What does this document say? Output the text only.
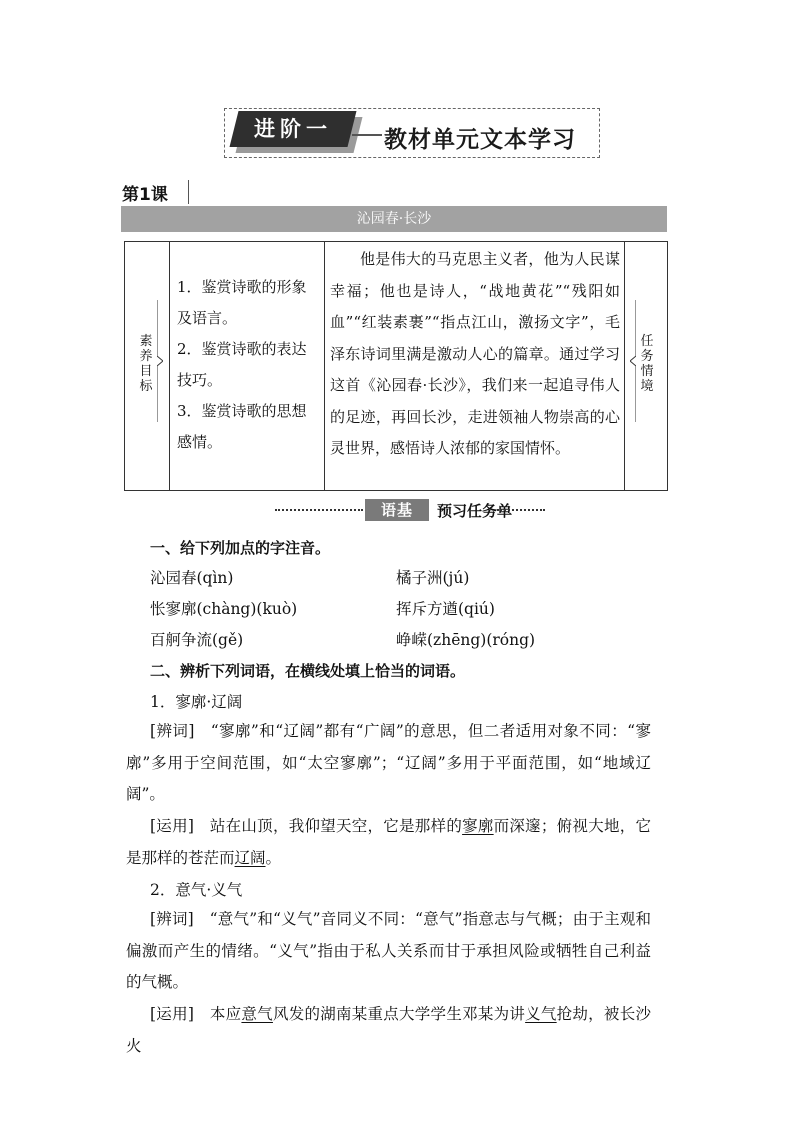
进阶一	教材单元文本学习
第1课
沁园春·长沙
素养目标
1．鉴赏诗歌的形象及语言。
2．鉴赏诗歌的表达技巧。
3．鉴赏诗歌的思想感情。
他是伟大的马克思主义者，他为人民谋幸福；他也是诗人，“战地黄花”“残阳如血”“红装素裹”“指点江山，激扬文字”，毛泽东诗词里满是激动人心的篇章。通过学习这首《沁园春·长沙》，我们来一起追寻伟人的足迹，再回长沙，走进领袖人物崇高的心灵世界，感悟诗人浓郁的家国情怀。
任务情境
语基	预习任务单
一、给下列加点的字注音。
沁园春(qìn)	橘子洲(jú)
怅寥廓(chàng)(kuò)	挥斥方遒(qiú)
百舸争流(gě)	峥嵘(zhēng)(róng)
二、辨析下列词语，在横线处填上恰当的词语。
1．寥廓·辽阔
[辨词]　“寥廓”和“辽阔”都有“广阔”的意思，但二者适用对象不同：“寥廓”多用于空间范围，如“太空寥廓”；“辽阔”多用于平面范围，如“地域辽阔”。
[运用]　站在山顶，我仰望天空，它是那样的寥廓而深邃；俯视大地，它是那样的苍茫而辽阔。
2．意气·义气
[辨词]　“意气”和“义气”音同义不同：“意气”指意志与气概；由于主观和偏激而产生的情绪。“义气”指由于私人关系而甘于承担风险或牺牲自己利益的气概。
[运用]　本应意气风发的湖南某重点大学学生邓某为讲义气抢劫，被长沙火
